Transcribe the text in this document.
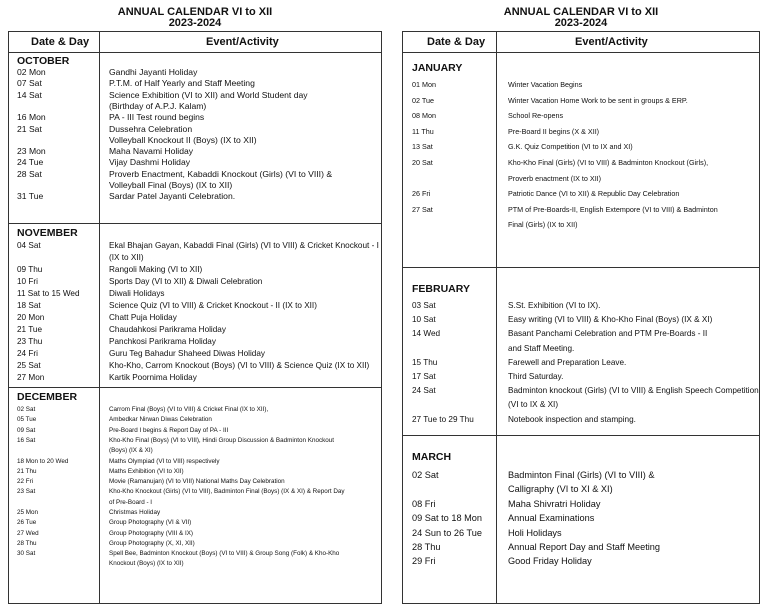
ANNUAL CALENDAR VI to XII
2023-2024
Date & Day	Event/Activity
OCTOBER
02 Mon	Gandhi Jayanti Holiday
07 Sat	P.T.M. of Half Yearly and Staff Meeting
14 Sat	Science Exhibition (VI to XII) and World Student day
(Birthday of A.P.J. Kalam)
16 Mon	PA - III Test round begins
21 Sat	Dussehra Celebration
Volleyball Knockout II (Boys) (IX to XII)
23 Mon	Maha Navami Holiday
24 Tue	Vijay Dashmi Holiday
28 Sat	Proverb Enactment, Kabaddi Knockout (Girls) (VI to VIII) &
Volleyball Final (Boys) (IX to XII)
31 Tue	Sardar Patel Jayanti Celebration.
NOVEMBER
04 Sat	Ekal Bhajan Gayan, Kabaddi Final (Girls) (VI to VIII) & Cricket Knockout - I
(IX to XII)
09 Thu	Rangoli Making (VI to XII)
10 Fri	Sports Day (VI to XII) & Diwali Celebration
11 Sat to 15 Wed	Diwali Holidays
18 Sat	Science Quiz (VI to VIII) & Cricket Knockout - II (IX to XII)
20 Mon	Chatt Puja Holiday
21 Tue	Chaudahkosi Parikrama Holiday
23 Thu	Panchkosi Parikrama Holiday
24 Fri	Guru Teg Bahadur Shaheed Diwas Holiday
25 Sat	Kho-Kho, Carrom Knockout (Boys) (VI to VIII) & Science Quiz (IX to XII)
27 Mon	Kartik Poornima Holiday
DECEMBER
02 Sat	Carrom Final (Boys) (VI to VIII) & Cricket Final (IX to XII),
05 Tue	Ambedkar Nirwan Diwas Celebration
09 Sat	Pre-Board I begins & Report Day of PA - III
16 Sat	Kho-Kho Final (Boys) (VI to VIII), Hindi Group Discussion & Badminton Knockout
(Boys) (IX & XI)
18 Mon to 20 Wed	Maths Olympiad (VI to VIII) respectively
21 Thu	Maths Exhibition (VI to XII)
22 Fri	Movie (Ramanujan) (VI to VIII) National Maths Day Celebration
23 Sat	Kho-Kho Knockout (Girls) (VI to VIII), Badminton Final (Boys) (IX & XI) & Report Day
of Pre-Board - I
25 Mon	Christmas Holiday
26 Tue	Group Photography (VI & VII)
27 Wed	Group Photography (VIII & IX)
28 Thu	Group Photography (X, XI, XII)
30 Sat	Spell Bee, Badminton Knockout (Boys) (VI to VIII) & Group Song (Folk) & Kho-Kho
Knockout (Boys) (IX to XII)
ANNUAL CALENDAR VI to XII
2023-2024
Date & Day	Event/Activity
JANUARY
01 Mon	Winter Vacation Begins
02 Tue	Winter Vacation Home Work to be sent in groups & ERP.
08 Mon	School Re-opens
11 Thu	Pre-Board II begins (X & XII)
13 Sat	G.K. Quiz Competition (VI to IX and XI)
20 Sat	Kho-Kho Final (Girls) (VI to VIII) & Badminton Knockout (Girls),
Proverb enactment (IX to XII)
26 Fri	Patriotic Dance (VI to XII) & Republic Day Celebration
27 Sat	PTM of Pre-Boards-II, English Extempore (VI to VIII) & Badminton
Final (Girls) (IX to XII)
FEBRUARY
03 Sat	S.St. Exhibition (VI to IX).
10 Sat	Easy writing (VI to VIII) & Kho-Kho Final (Boys) (IX & XI)
14 Wed	Basant Panchami Celebration and PTM Pre-Boards - II
and Staff Meeting.
15 Thu	Farewell and Preparation Leave.
17 Sat	Third Saturday.
24 Sat	Badminton knockout (Girls) (VI to VIII) & English Speech Competition
(VI to IX & XI)
27 Tue to 29 Thu	Notebook inspection and stamping.
MARCH
02 Sat	Badminton Final (Girls) (VI to VIII) &
Calligraphy (VI to XI & XI)
08 Fri	Maha Shivratri Holiday
09 Sat to 18 Mon	Annual Examinations
24 Sun to 26 Tue	Holi Holidays
28 Thu	Annual Report Day and Staff Meeting
29 Fri	Good Friday Holiday
